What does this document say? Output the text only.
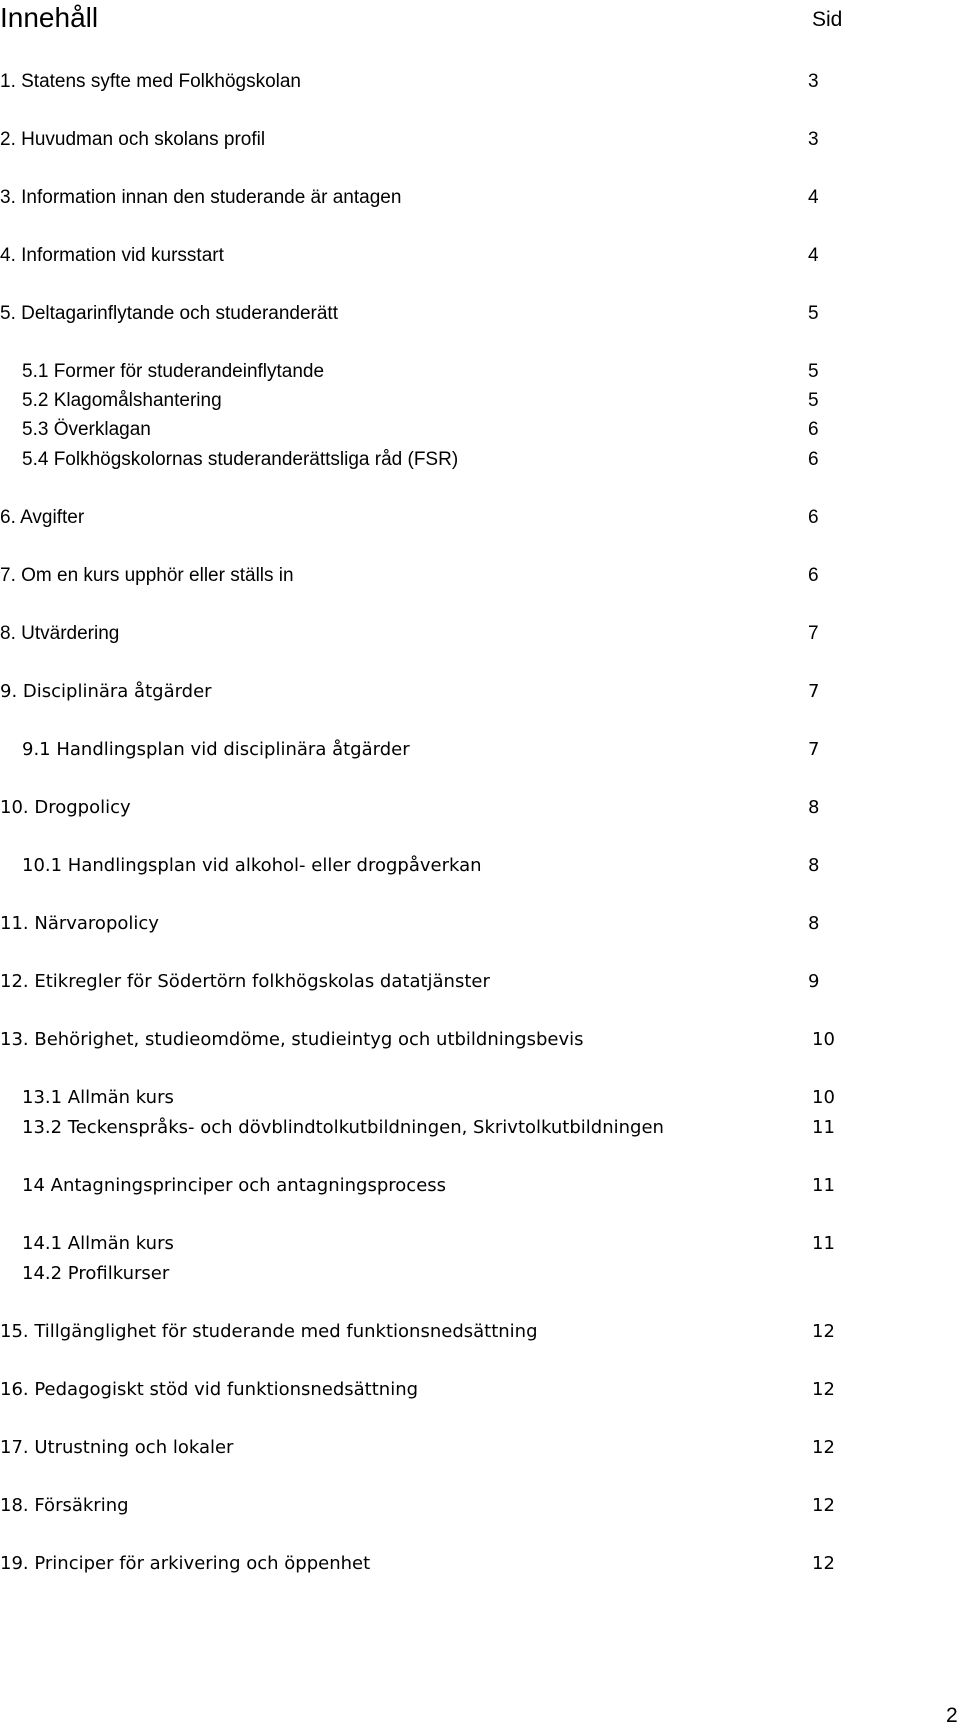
Innehåll	Sid
1. Statens syfte med Folkhögskolan	3
2. Huvudman och skolans profil	3
3. Information innan den studerande är antagen	4
4. Information vid kursstart	4
5. Deltagarinflytande och studeranderätt	5
5.1 Former för studerandeinflytande	5
5.2 Klagomålshantering	5
5.3 Överklagan	6
5.4 Folkhögskolornas studeranderättsliga råd (FSR)	6
6. Avgifter	6
7. Om en kurs upphör eller ställs in	6
8. Utvärdering	7
9. Disciplinära åtgärder	7
9.1 Handlingsplan vid disciplinära åtgärder	7
10. Drogpolicy	8
10.1 Handlingsplan vid alkohol- eller drogpåverkan	8
11. Närvaropolicy	8
12. Etikregler för Södertörn folkhögskolas datatjänster	9
13. Behörighet, studieomdöme, studieintyg och utbildningsbevis	10
13.1 Allmän kurs	10
13.2 Teckenspråks- och dövblindtolkutbildningen, Skrivtolkutbildningen	11
14 Antagningsprinciper och antagningsprocess	11
14.1 Allmän kurs	11
14.2 Profilkurser
15. Tillgänglighet för studerande med funktionsnedsättning	12
16. Pedagogiskt stöd vid funktionsnedsättning	12
17. Utrustning och lokaler	12
18. Försäkring	12
19. Principer för arkivering och öppenhet	12
2
